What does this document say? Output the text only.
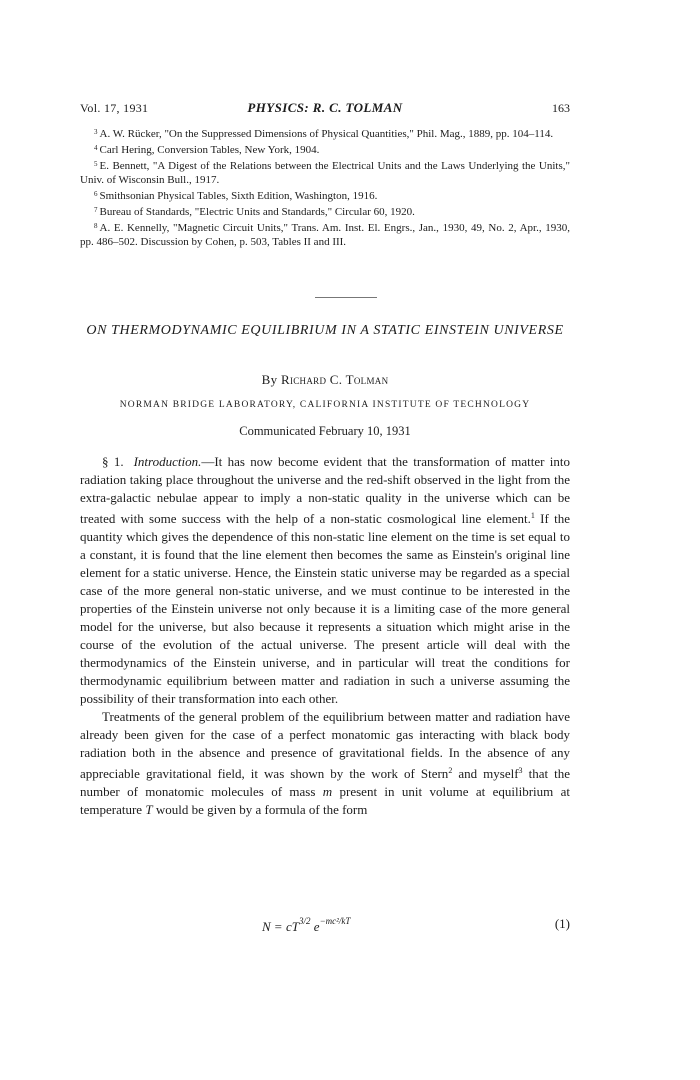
Vol. 17, 1931	PHYSICS: R. C. TOLMAN	163

$^3$ A. W. Rücker, "On the Suppressed Dimensions of Physical Quantities," Phil. Mag., 1889, pp. 104–114.

$^4$ Carl Hering, Conversion Tables, New York, 1904.

$^5$ E. Bennett, "A Digest of the Relations between the Electrical Units and the Laws Underlying the Units," Univ. of Wisconsin Bull., 1917.

$^6$ Smithsonian Physical Tables, Sixth Edition, Washington, 1916.

$^7$ Bureau of Standards, "Electric Units and Standards," Circular 60, 1920.

$^8$ A. E. Kennelly, "Magnetic Circuit Units," Trans. Am. Inst. El. Engrs., Jan., 1930, 49, No. 2, Apr., 1930, pp. 486–502. Discussion by Cohen, p. 503, Tables II and III.

ON THERMODYNAMIC EQUILIBRIUM IN A STATIC EINSTEIN UNIVERSE
By Richard C. Tolman
NORMAN BRIDGE LABORATORY, CALIFORNIA INSTITUTE OF TECHNOLOGY
Communicated February 10, 1931

§ 1. Introduction.—It has now become evident that the transformation of matter into radiation taking place throughout the universe and the red-shift observed in the light from the extra-galactic nebulae appear to imply a non-static quality in the universe which can be treated with some success with the help of a non-static cosmological line element.$^1$ If the quantity which gives the dependence of this non-static line element on the time is set equal to a constant, it is found that the line element then becomes the same as Einstein's original line element for a static universe. Hence, the Einstein static universe may be regarded as a special case of the more general non-static universe, and we must continue to be interested in the properties of the Einstein universe not only because it is a limiting case of the more general model for the universe, but also because it represents a situation which might arise in the course of the evolution of the actual universe. The present article will deal with the thermodynamics of the Einstein universe, and in particular will treat the conditions for thermodynamic equilibrium between matter and radiation in such a universe assuming the possibility of their transformation into each other.

Treatments of the general problem of the equilibrium between matter and radiation have already been given for the case of a perfect monatomic gas interacting with black body radiation both in the absence and presence of gravitational fields. In the absence of any appreciable gravitational field, it was shown by the work of Stern$^2$ and myself$^3$ that the number of monatomic molecules of mass m present in unit volume at equilibrium at temperature T would be given by a formula of the form

$N = cT^{3/2}$ $e^{-mc^2/kT}$	(1)
